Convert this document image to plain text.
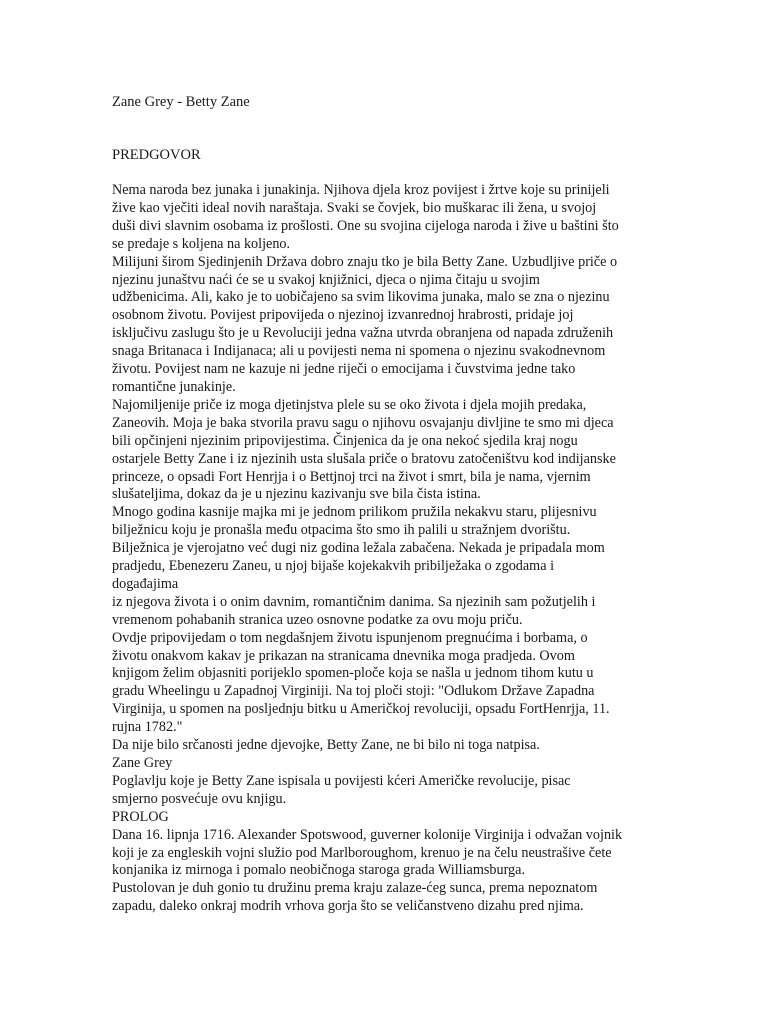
Zane Grey - Betty Zane

PREDGOVOR

Nema naroda bez junaka i junakinja. Njihova djela kroz povijest i žrtve koje su prinijeli
žive kao vječiti ideal novih naraštaja. Svaki se čovjek, bio muškarac ili žena, u svojoj
duši divi slavnim osobama iz prošlosti. One su svojina cijeloga naroda i žive u baštini što
se predaje s koljena na koljeno.
Milijuni širom Sjedinjenih Država dobro znaju tko je bila Betty Zane. Uzbudljive priče o
njezinu junaštvu naći će se u svakoj knjižnici, djeca o njima čitaju u svojim
udžbenicima. Ali, kako je to uobičajeno sa svim likovima junaka, malo se zna o njezinu
osobnom životu. Povijest pripovijeda o njezinoj izvanrednoj hrabrosti, pridaje joj
isključivu zaslugu što je u Revoluciji jedna važna utvrda obranjena od napada združenih
snaga Britanaca i Indijanaca; ali u povijesti nema ni spomena o njezinu svakodnevnom
životu. Povijest nam ne kazuje ni jedne riječi o emocijama i čuvstvima jedne tako
romantične junakinje.
Najomiljenije priče iz moga djetinjstva plele su se oko života i djela mojih predaka,
Zaneovih. Moja je baka stvorila pravu sagu o njihovu osvajanju divljine te smo mi djeca
bili opčinjeni njezinim pripovijestima. Činjenica da je ona nekoć sjedila kraj nogu
ostarjele Betty Zane i iz njezinih usta slušala priče o bratovu zatočeništvu kod indijanske
princeze, o opsadi Fort Henrjja i o Bettjnoj trci na život i smrt, bila je nama, vjernim
slušateljima, dokaz da je u njezinu kazivanju sve bila čista istina.
Mnogo godina kasnije majka mi je jednom prilikom pružila nekakvu staru, plijesnivu
bilježnicu koju je pronašla među otpacima što smo ih palili u stražnjem dvorištu.
Bilježnica je vjerojatno već dugi niz godina ležala zabačena. Nekada je pripadala mom
pradjedu, Ebenezeru Zaneu, u njoj bijaše kojekakvih pribilježaka o zgodama i
događajima
iz njegova života i o onim davnim, romantičnim danima. Sa njezinih sam požutjelih i
vremenom pohabanih stranica uzeo osnovne podatke za ovu moju priču.
Ovdje pripovijedam o tom negdašnjem životu ispunjenom pregnućima i borbama, o
životu onakvom kakav je prikazan na stranicama dnevnika moga pradjeda. Ovom
knjigom želim objasniti porijeklo spomen-ploče koja se našla u jednom tihom kutu u
gradu Wheelingu u Zapadnoj Virginiji. Na toj ploči stoji: "Odlukom Države Zapadna
Virginija, u spomen na posljednju bitku u Američkoj revoluciji, opsadu FortHenrjja, 11.
rujna 1782."
Da nije bilo srčanosti jedne djevojke, Betty Zane, ne bi bilo ni toga natpisa.
Zane Grey
Poglavlju koje je Betty Zane ispisala u povijesti kćeri Američke revolucije, pisac
smjerno posvećuje ovu knjigu.
PROLOG
Dana 16. lipnja 1716. Alexander Spotswood, guverner kolonije Virginija i odvažan vojnik
koji je za engleskih vojni služio pod Marlboroughom, krenuo je na čelu neustrašive čete
konjanika iz mirnoga i pomalo neobičnoga staroga grada Williamsburga.
Pustolovan je duh gonio tu družinu prema kraju zalaze-ćeg sunca, prema nepoznatom
zapadu, daleko onkraj modrih vrhova gorja što se veličanstveno dizahu pred njima.
